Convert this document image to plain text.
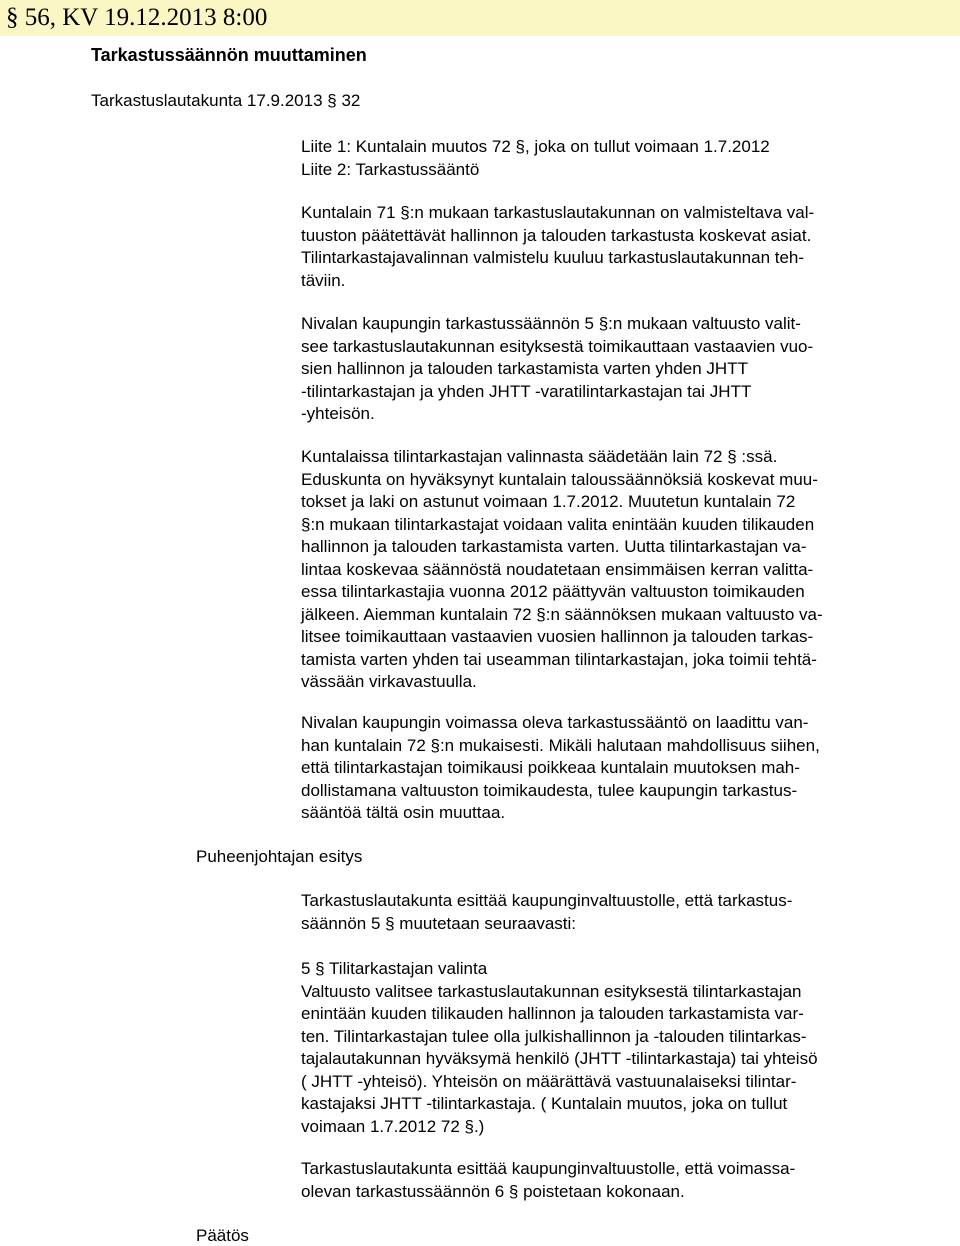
§ 56, KV 19.12.2013 8:00
Tarkastussäännön muuttaminen
Tarkastuslautakunta 17.9.2013 § 32
Liite 1: Kuntalain muutos 72 §, joka on tullut voimaan 1.7.2012
Liite 2: Tarkastussääntö
Kuntalain 71 §:n mukaan tarkastuslautakunnan on valmisteltava val-
tuuston päätettävät hallinnon ja talouden tarkastusta koskevat asiat.
Tilintarkastajavalinnan valmistelu kuuluu tarkastuslautakunnan teh-
täviin.
Nivalan kaupungin tarkastussäännön 5 §:n mukaan valtuusto valit-
see tarkastuslautakunnan esityksestä toimikauttaan vastaavien vuo-
sien hallinnon ja talouden tarkastamista varten yhden JHTT
-tilintarkastajan ja yhden JHTT -varatilintarkastajan tai JHTT
-yhteisön.
Kuntalaissa tilintarkastajan valinnasta säädetään lain 72 § :ssä.
Eduskunta on hyväksynyt kuntalain taloussäännöksiä koskevat muu-
tokset ja laki on astunut voimaan 1.7.2012. Muutetun kuntalain 72
§:n mukaan tilintarkastajat voidaan valita enintään kuuden tilikauden
hallinnon ja talouden tarkastamista varten. Uutta tilintarkastajan va-
lintaa koskevaa säännöstä noudatetaan ensimmäisen kerran valitta-
essa tilintarkastajia vuonna 2012 päättyvän valtuuston toimikauden
jälkeen. Aiemman kuntalain 72 §:n säännöksen mukaan valtuusto va-
litsee toimikauttaan vastaavien vuosien hallinnon ja talouden tarkas-
tamista varten yhden tai useamman tilintarkastajan, joka toimii tehtä-
vässään virkavastuulla.
Nivalan kaupungin voimassa oleva tarkastussääntö on laadittu van-
han kuntalain 72 §:n mukaisesti. Mikäli halutaan mahdollisuus siihen,
että tilintarkastajan toimikausi poikkeaa kuntalain muutoksen mah-
dollistamana valtuuston toimikaudesta, tulee kaupungin tarkastus-
sääntöä tältä osin muuttaa.
Puheenjohtajan esitys
Tarkastuslautakunta esittää kaupunginvaltuustolle, että tarkastus-
säännön 5 § muutetaan seuraavasti:
5 § Tilitarkastajan valinta
Valtuusto valitsee tarkastuslautakunnan esityksestä tilintarkastajan
enintään kuuden tilikauden hallinnon ja talouden tarkastamista var-
ten. Tilintarkastajan tulee olla julkishallinnon ja -talouden tilintarkas-
tajalautakunnan hyväksymä henkilö (JHTT -tilintarkastaja) tai yhteisö
( JHTT -yhteisö). Yhteisön on määrättävä vastuunalaiseksi tilintar-
kastajaksi JHTT -tilintarkastaja. ( Kuntalain muutos, joka on tullut
voimaan 1.7.2012 72 §.)
Tarkastuslautakunta esittää kaupunginvaltuustolle, että voimassa-
olevan tarkastussäännön 6 § poistetaan kokonaan.
Päätös
